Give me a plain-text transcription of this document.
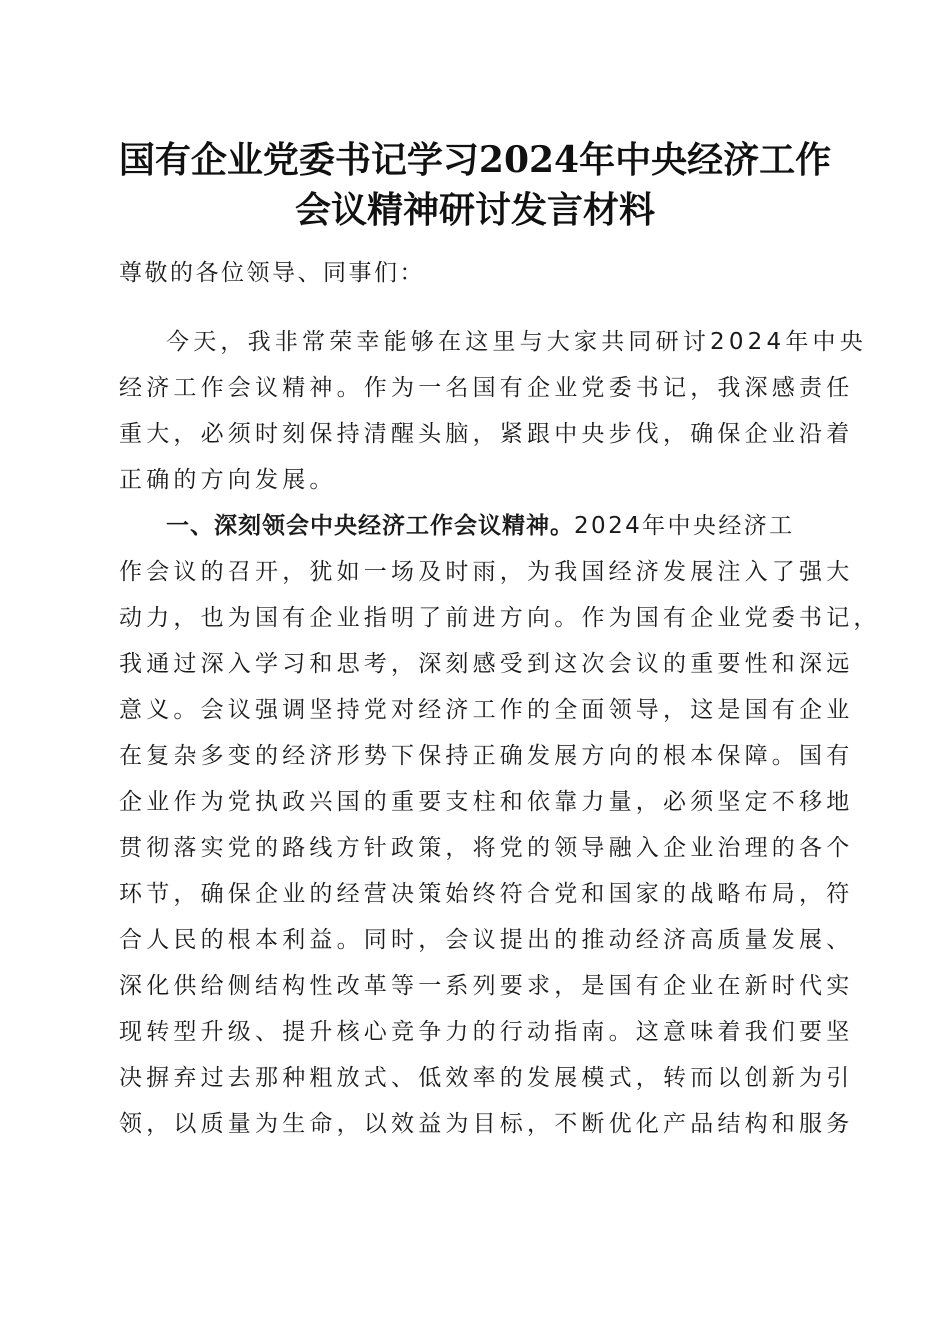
国有企业党委书记学习2024年中央经济工作
会议精神研讨发言材料
尊敬的各位领导、同事们：
今天，我非常荣幸能够在这里与大家共同研讨2024年中央
经济工作会议精神。作为一名国有企业党委书记，我深感责任
重大，必须时刻保持清醒头脑，紧跟中央步伐，确保企业沿着
正确的方向发展。
一、深刻领会中央经济工作会议精神。2024年中央经济工
作会议的召开，犹如一场及时雨，为我国经济发展注入了强大
动力，也为国有企业指明了前进方向。作为国有企业党委书记，
我通过深入学习和思考，深刻感受到这次会议的重要性和深远
意义。会议强调坚持党对经济工作的全面领导，这是国有企业
在复杂多变的经济形势下保持正确发展方向的根本保障。国有
企业作为党执政兴国的重要支柱和依靠力量，必须坚定不移地
贯彻落实党的路线方针政策，将党的领导融入企业治理的各个
环节，确保企业的经营决策始终符合党和国家的战略布局，符
合人民的根本利益。同时，会议提出的推动经济高质量发展、
深化供给侧结构性改革等一系列要求，是国有企业在新时代实
现转型升级、提升核心竞争力的行动指南。这意味着我们要坚
决摒弃过去那种粗放式、低效率的发展模式，转而以创新为引
领，以质量为生命，以效益为目标，不断优化产品结构和服务
